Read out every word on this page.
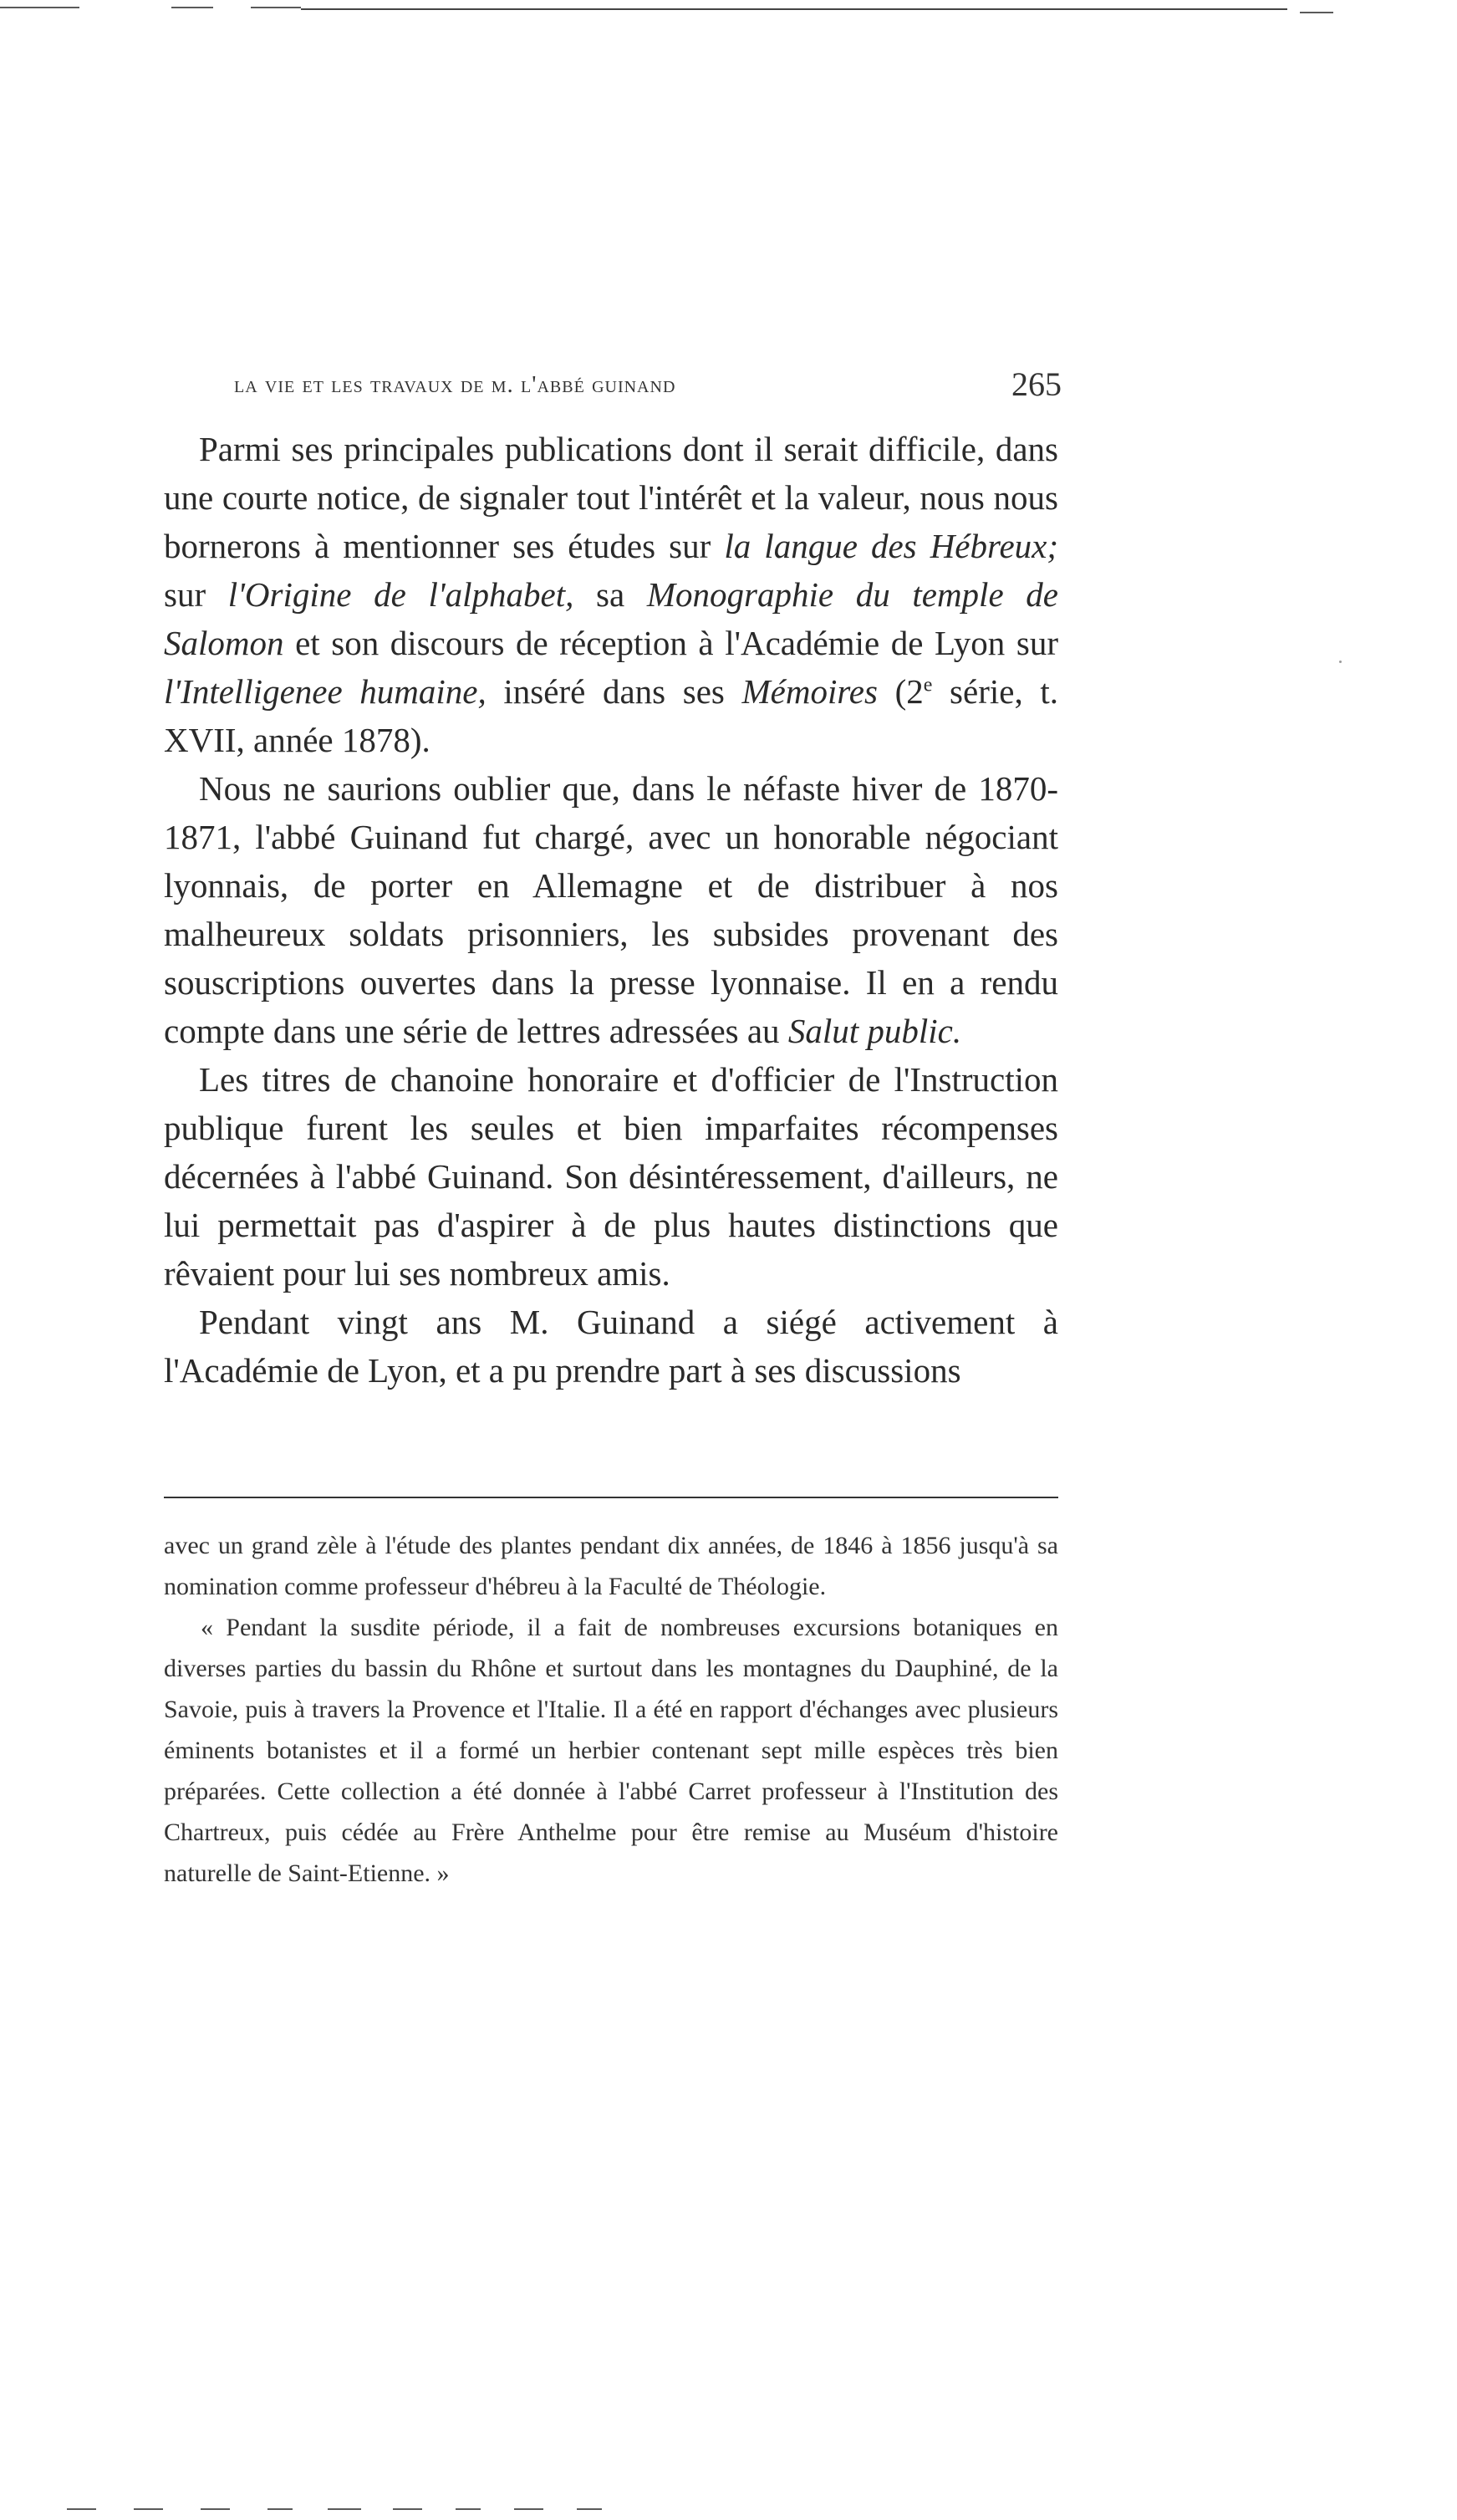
la vie et les travaux de m. l'abbé guinand	265

Parmi ses principales publications dont il serait difficile, dans une courte notice, de signaler tout l'intérêt et la valeur, nous nous bornerons à mentionner ses études sur la langue des Hébreux; sur l'Origine de l'alphabet, sa Monographie du temple de Salomon et son discours de réception à l'Académie de Lyon sur l'Intelligenee humaine, inséré dans ses Mémoires (2e série, t. XVII, année 1878).

Nous ne saurions oublier que, dans le néfaste hiver de 1870-1871, l'abbé Guinand fut chargé, avec un honorable négociant lyonnais, de porter en Allemagne et de distribuer à nos malheureux soldats prisonniers, les subsides provenant des souscriptions ouvertes dans la presse lyonnaise. Il en a rendu compte dans une série de lettres adressées au Salut public.

Les titres de chanoine honoraire et d'officier de l'Instruction publique furent les seules et bien imparfaites récompenses décernées à l'abbé Guinand. Son désintéressement, d'ailleurs, ne lui permettait pas d'aspirer à de plus hautes distinctions que rêvaient pour lui ses nombreux amis.

Pendant vingt ans M. Guinand a siégé activement à l'Académie de Lyon, et a pu prendre part à ses discussions

avec un grand zèle à l'étude des plantes pendant dix années, de 1846 à 1856 jusqu'à sa nomination comme professeur d'hébreu à la Faculté de Théologie.

« Pendant la susdite période, il a fait de nombreuses excursions botaniques en diverses parties du bassin du Rhône et surtout dans les montagnes du Dauphiné, de la Savoie, puis à travers la Provence et l'Italie. Il a été en rapport d'échanges avec plusieurs éminents botanistes et il a formé un herbier contenant sept mille espèces très bien préparées. Cette collection a été donnée à l'abbé Carret professeur à l'Institution des Chartreux, puis cédée au Frère Anthelme pour être remise au Muséum d'histoire naturelle de Saint-Etienne. »
